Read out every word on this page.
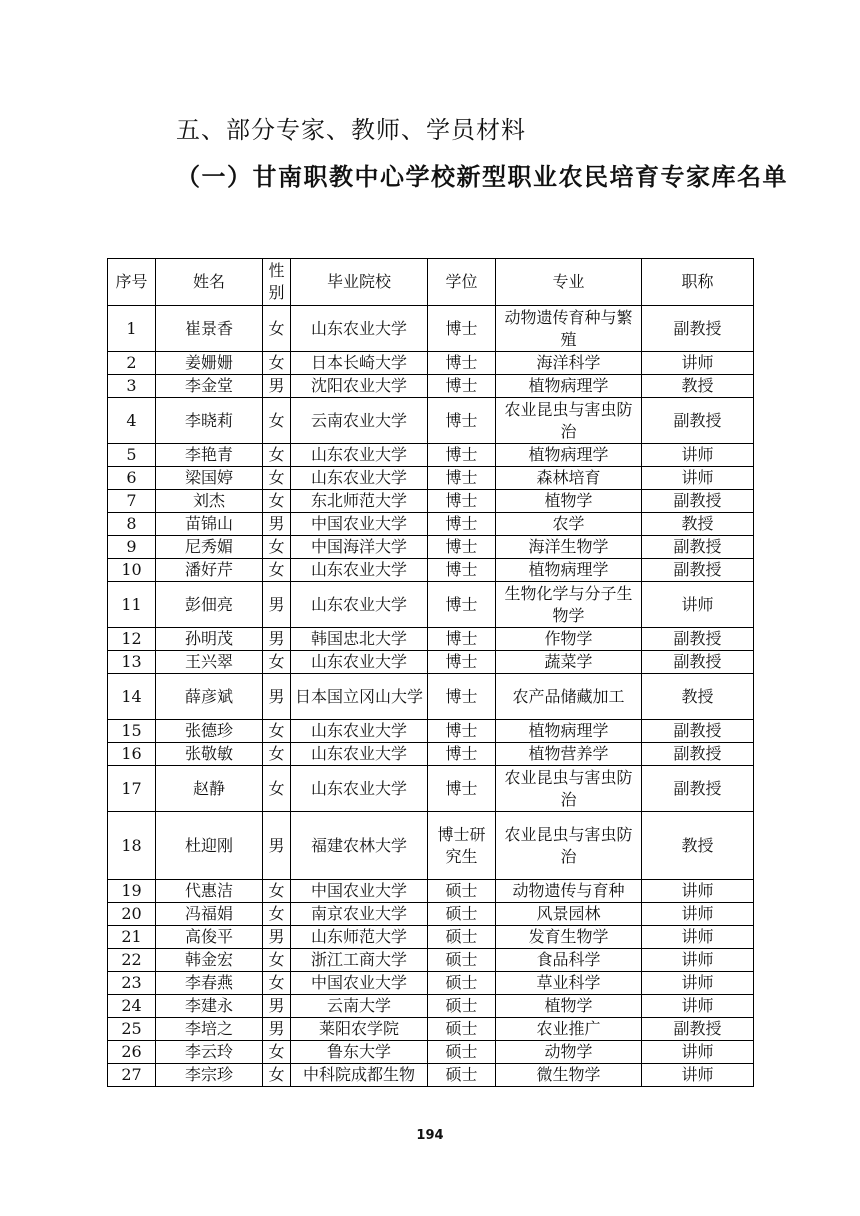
五、部分专家、教师、学员材料
（一）甘南职教中心学校新型职业农民培育专家库名单
序号	姓名	性别	毕业院校	学位	专业	职称
1	崔景香	女	山东农业大学	博士	动物遗传育种与繁殖	副教授
2	姜姗姗	女	日本长崎大学	博士	海洋科学	讲师
3	李金堂	男	沈阳农业大学	博士	植物病理学	教授
4	李晓莉	女	云南农业大学	博士	农业昆虫与害虫防治	副教授
5	李艳青	女	山东农业大学	博士	植物病理学	讲师
6	梁国婷	女	山东农业大学	博士	森林培育	讲师
7	刘杰	女	东北师范大学	博士	植物学	副教授
8	苗锦山	男	中国农业大学	博士	农学	教授
9	尼秀媚	女	中国海洋大学	博士	海洋生物学	副教授
10	潘好芹	女	山东农业大学	博士	植物病理学	副教授
11	彭佃亮	男	山东农业大学	博士	生物化学与分子生物学	讲师
12	孙明茂	男	韩国忠北大学	博士	作物学	副教授
13	王兴翠	女	山东农业大学	博士	蔬菜学	副教授
14	薛彦斌	男	日本国立冈山大学	博士	农产品储藏加工	教授
15	张德珍	女	山东农业大学	博士	植物病理学	副教授
16	张敬敏	女	山东农业大学	博士	植物营养学	副教授
17	赵静	女	山东农业大学	博士	农业昆虫与害虫防治	副教授
18	杜迎刚	男	福建农林大学	博士研究生	农业昆虫与害虫防治	教授
19	代惠洁	女	中国农业大学	硕士	动物遗传与育种	讲师
20	冯福娟	女	南京农业大学	硕士	风景园林	讲师
21	高俊平	男	山东师范大学	硕士	发育生物学	讲师
22	韩金宏	女	浙江工商大学	硕士	食品科学	讲师
23	李春燕	女	中国农业大学	硕士	草业科学	讲师
24	李建永	男	云南大学	硕士	植物学	讲师
25	李培之	男	莱阳农学院	硕士	农业推广	副教授
26	李云玲	女	鲁东大学	硕士	动物学	讲师
27	李宗珍	女	中科院成都生物	硕士	微生物学	讲师
194
